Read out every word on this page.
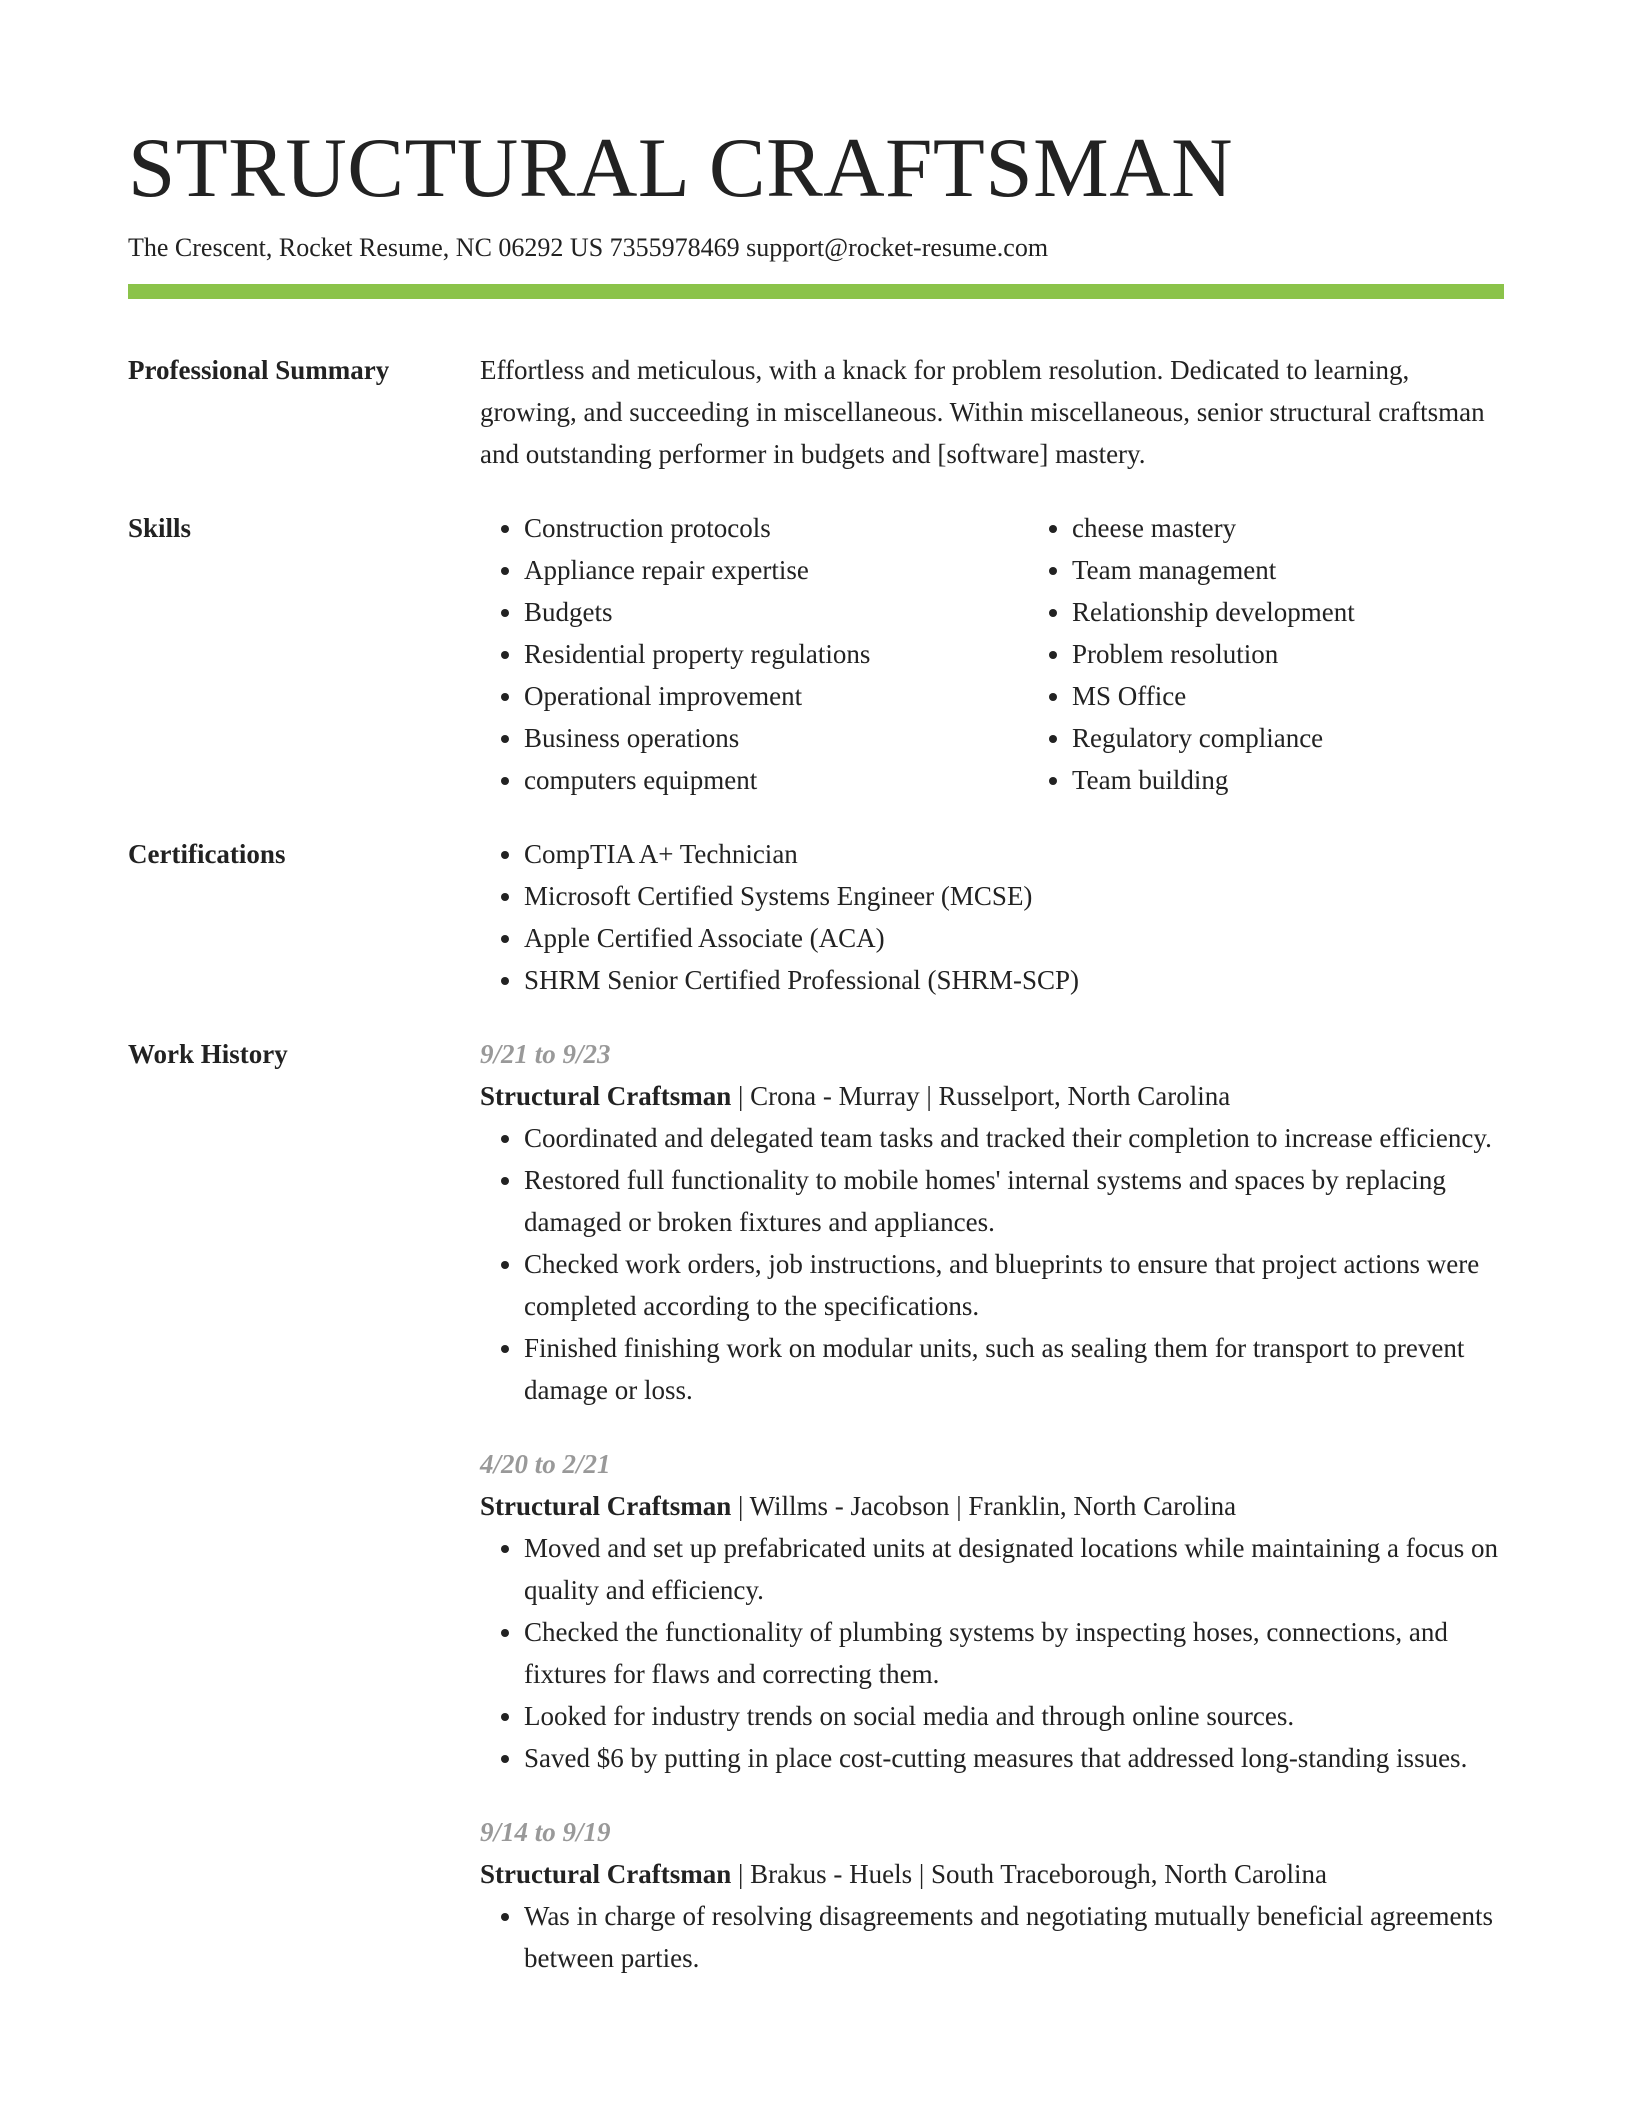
STRUCTURAL CRAFTSMAN
The Crescent, Rocket Resume, NC 06292 US 7355978469 support@rocket-resume.com
Professional Summary	Effortless and meticulous, with a knack for problem resolution. Dedicated to learning, growing, and succeeding in miscellaneous. Within miscellaneous, senior structural craftsman and outstanding performer in budgets and [software] mastery.
Skills	• Construction protocols
• Appliance repair expertise
• Budgets
• Residential property regulations
• Operational improvement
• Business operations
• computers equipment
• cheese mastery
• Team management
• Relationship development
• Problem resolution
• MS Office
• Regulatory compliance
• Team building
Certifications	• CompTIA A+ Technician
• Microsoft Certified Systems Engineer (MCSE)
• Apple Certified Associate (ACA)
• SHRM Senior Certified Professional (SHRM-SCP)
Work History	9/21 to 9/23
Structural Craftsman | Crona - Murray | Russelport, North Carolina
• Coordinated and delegated team tasks and tracked their completion to increase efficiency.
• Restored full functionality to mobile homes' internal systems and spaces by replacing damaged or broken fixtures and appliances.
• Checked work orders, job instructions, and blueprints to ensure that project actions were completed according to the specifications.
• Finished finishing work on modular units, such as sealing them for transport to prevent damage or loss.
4/20 to 2/21
Structural Craftsman | Willms - Jacobson | Franklin, North Carolina
• Moved and set up prefabricated units at designated locations while maintaining a focus on quality and efficiency.
• Checked the functionality of plumbing systems by inspecting hoses, connections, and fixtures for flaws and correcting them.
• Looked for industry trends on social media and through online sources.
• Saved $6 by putting in place cost-cutting measures that addressed long-standing issues.
9/14 to 9/19
Structural Craftsman | Brakus - Huels | South Traceborough, North Carolina
• Was in charge of resolving disagreements and negotiating mutually beneficial agreements between parties.
